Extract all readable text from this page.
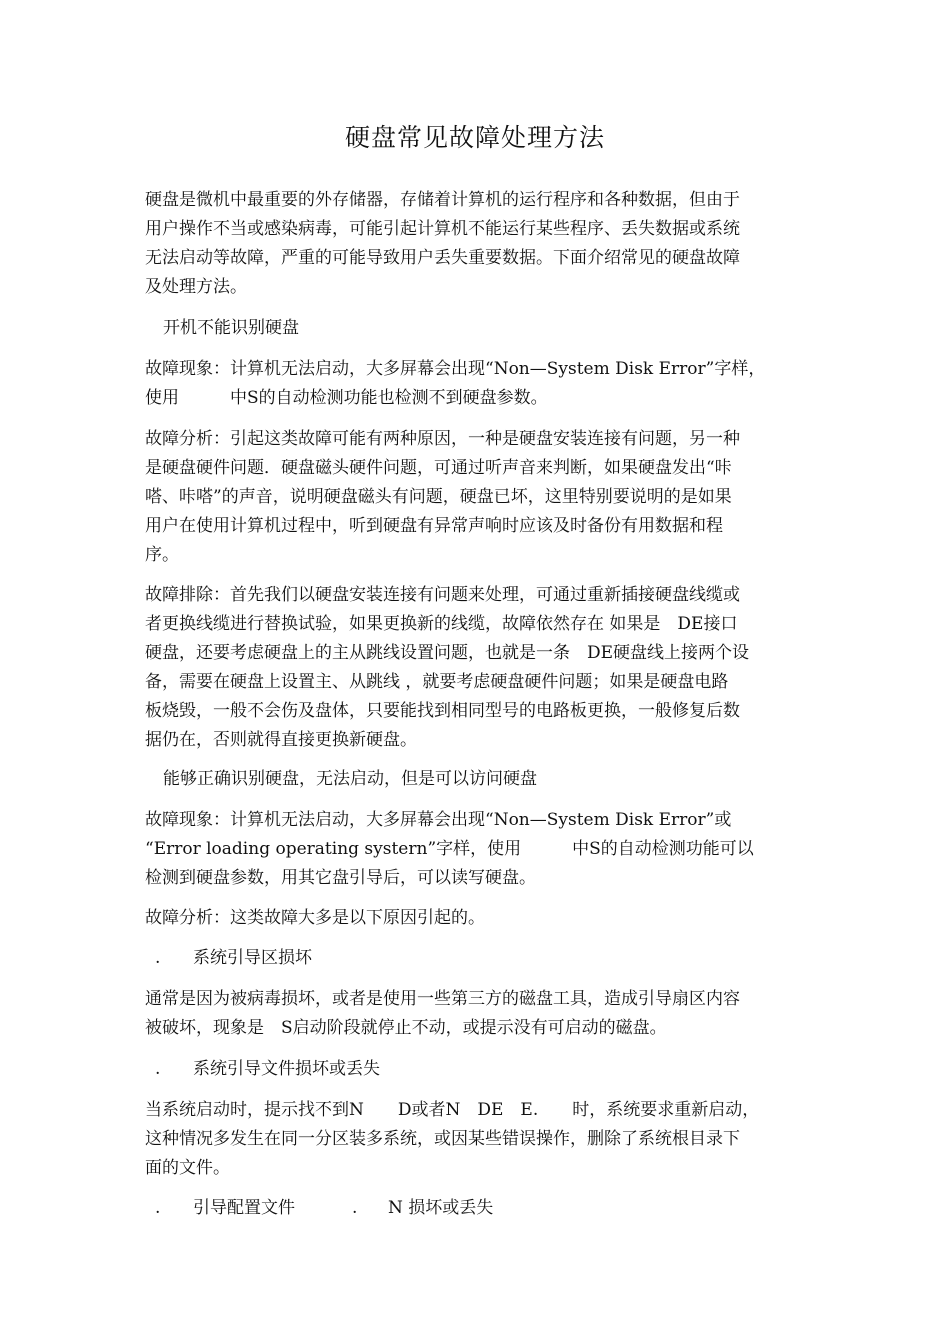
硬盘常见故障处理方法

硬盘是微机中最重要的外存储器，存储着计算机的运行程序和各种数据，但由于
用户操作不当或感染病毒，可能引起计算机不能运行某些程序、丢失数据或系统
无法启动等故障，严重的可能导致用户丢失重要数据。下面介绍常见的硬盘故障
及处理方法。

开机不能识别硬盘

故障现象：计算机无法启动，大多屏幕会出现“Non—System Disk Error”字样，
使用　　　中S的自动检测功能也检测不到硬盘参数。

故障分析：引起这类故障可能有两种原因，一种是硬盘安装连接有问题，另一种
是硬盘硬件问题．硬盘磁头硬件问题，可通过听声音来判断，如果硬盘发出“咔
嗒、咔嗒”的声音，说明硬盘磁头有问题，硬盘已坏，这里特别要说明的是如果
用户在使用计算机过程中，听到硬盘有异常声响时应该及时备份有用数据和程
序。

故障排除：首先我们以硬盘安装连接有问题来处理，可通过重新插接硬盘线缆或
者更换线缆进行替换试验，如果更换新的线缆，故障依然存在 如果是　DE接口
硬盘，还要考虑硬盘上的主从跳线设置问题，也就是一条　DE硬盘线上接两个设
备，需要在硬盘上设置主、从跳线 ，就要考虑硬盘硬件问题；如果是硬盘电路
板烧毁，一般不会伤及盘体，只要能找到相同型号的电路板更换，一般修复后数
据仍在，否则就得直接更换新硬盘。

能够正确识别硬盘，无法启动，但是可以访问硬盘

故障现象：计算机无法启动，大多屏幕会出现“Non—System Disk Error”或
“Error loading operating systern”字样，使用　　　中S的自动检测功能可以
检测到硬盘参数，用其它盘引导后，可以读写硬盘。

故障分析：这类故障大多是以下原因引起的。

. 系统引导区损坏

通常是因为被病毒损坏，或者是使用一些第三方的磁盘工具，造成引导扇区内容
被破坏，现象是　S启动阶段就停止不动，或提示没有可启动的磁盘。

. 系统引导文件损坏或丢失

当系统启动时，提示找不到N　　D或者N　DE　E.　　时，系统要求重新启动，
这种情况多发生在同一分区装多系统，或因某些错误操作，删除了系统根目录下
面的文件。

. 引导配置文件	. N 损坏或丢失
